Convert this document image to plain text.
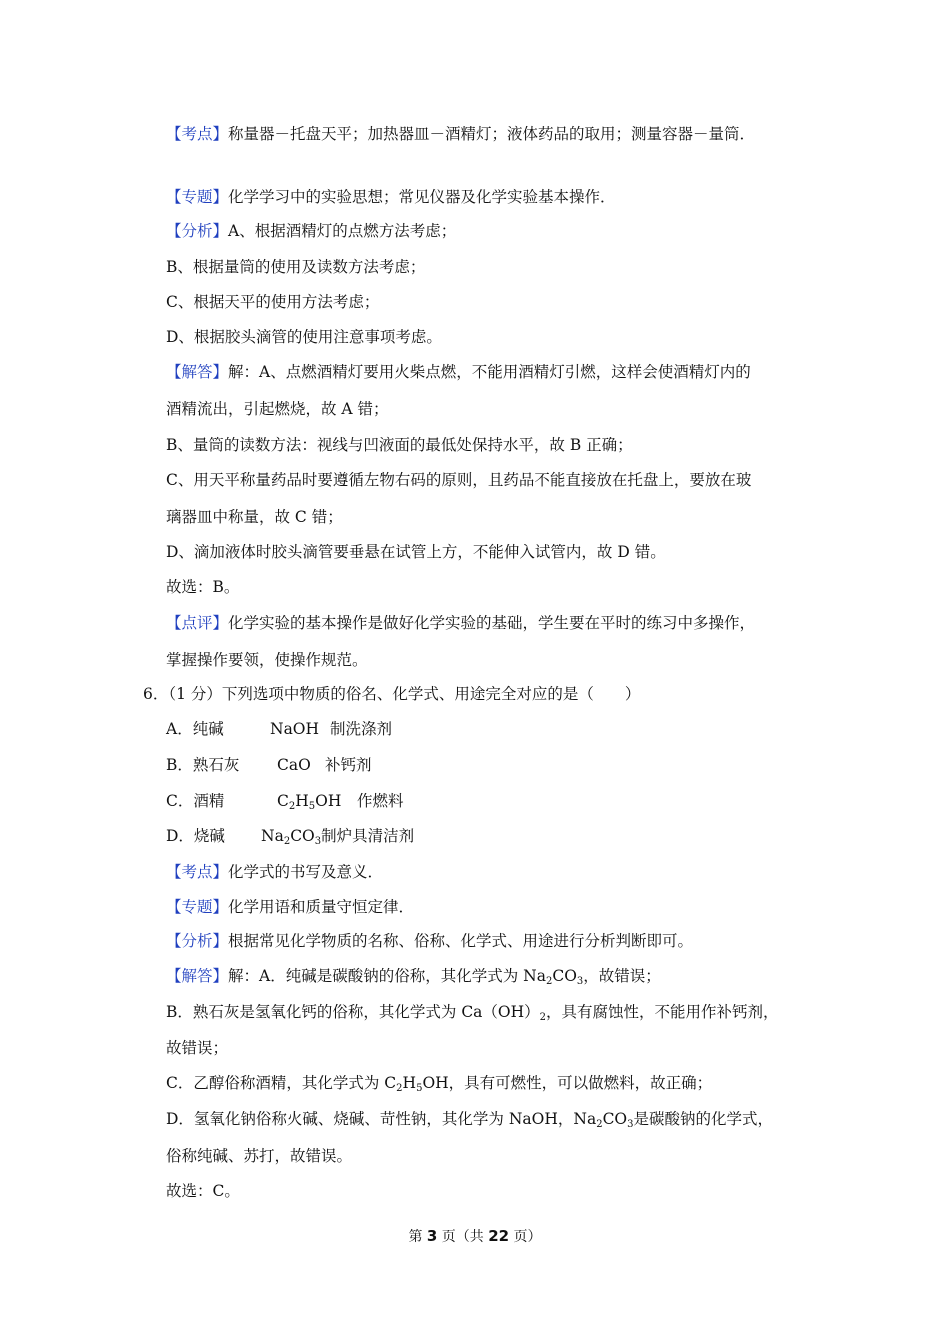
【考点】称量器－托盘天平；加热器皿－酒精灯；液体药品的取用；测量容器－量筒．
【专题】化学学习中的实验思想；常见仪器及化学实验基本操作．
【分析】A、根据酒精灯的点燃方法考虑；
B、根据量筒的使用及读数方法考虑；
C、根据天平的使用方法考虑；
D、根据胶头滴管的使用注意事项考虑。
【解答】解：A、点燃酒精灯要用火柴点燃，不能用酒精灯引燃，这样会使酒精灯内的
酒精流出，引起燃烧，故 A 错；
B、量筒的读数方法：视线与凹液面的最低处保持水平，故 B 正确；
C、用天平称量药品时要遵循左物右码的原则，且药品不能直接放在托盘上，要放在玻
璃器皿中称量，故 C 错；
D、滴加液体时胶头滴管要垂悬在试管上方，不能伸入试管内，故 D 错。
故选：B。
【点评】化学实验的基本操作是做好化学实验的基础，学生要在平时的练习中多操作，
掌握操作要领，使操作规范。
6．（1 分）下列选项中物质的俗名、化学式、用途完全对应的是（　　）
A．纯碱	NaOH 制洗涤剂
B．熟石灰 CaO 补钙剂
C．酒精	$C_2H_5OH$ 作燃料
D．烧碱 $Na_2CO_3$制炉具清洁剂
【考点】化学式的书写及意义．
【专题】化学用语和质量守恒定律．
【分析】根据常见化学物质的名称、俗称、化学式、用途进行分析判断即可。
【解答】解：A．纯碱是碳酸钠的俗称，其化学式为 $Na_2CO_3$，故错误；
B．熟石灰是氢氧化钙的俗称，其化学式为 $Ca(OH)_2$，具有腐蚀性，不能用作补钙剂，
故错误；
C．乙醇俗称酒精，其化学式为 $C_2H_5OH$，具有可燃性，可以做燃料，故正确；
D．氢氧化钠俗称火碱、烧碱、苛性钠，其化学为 NaOH，$Na_2CO_3$是碳酸钠的化学式，
俗称纯碱、苏打，故错误。
故选：C。
第 3 页（共 22 页）
